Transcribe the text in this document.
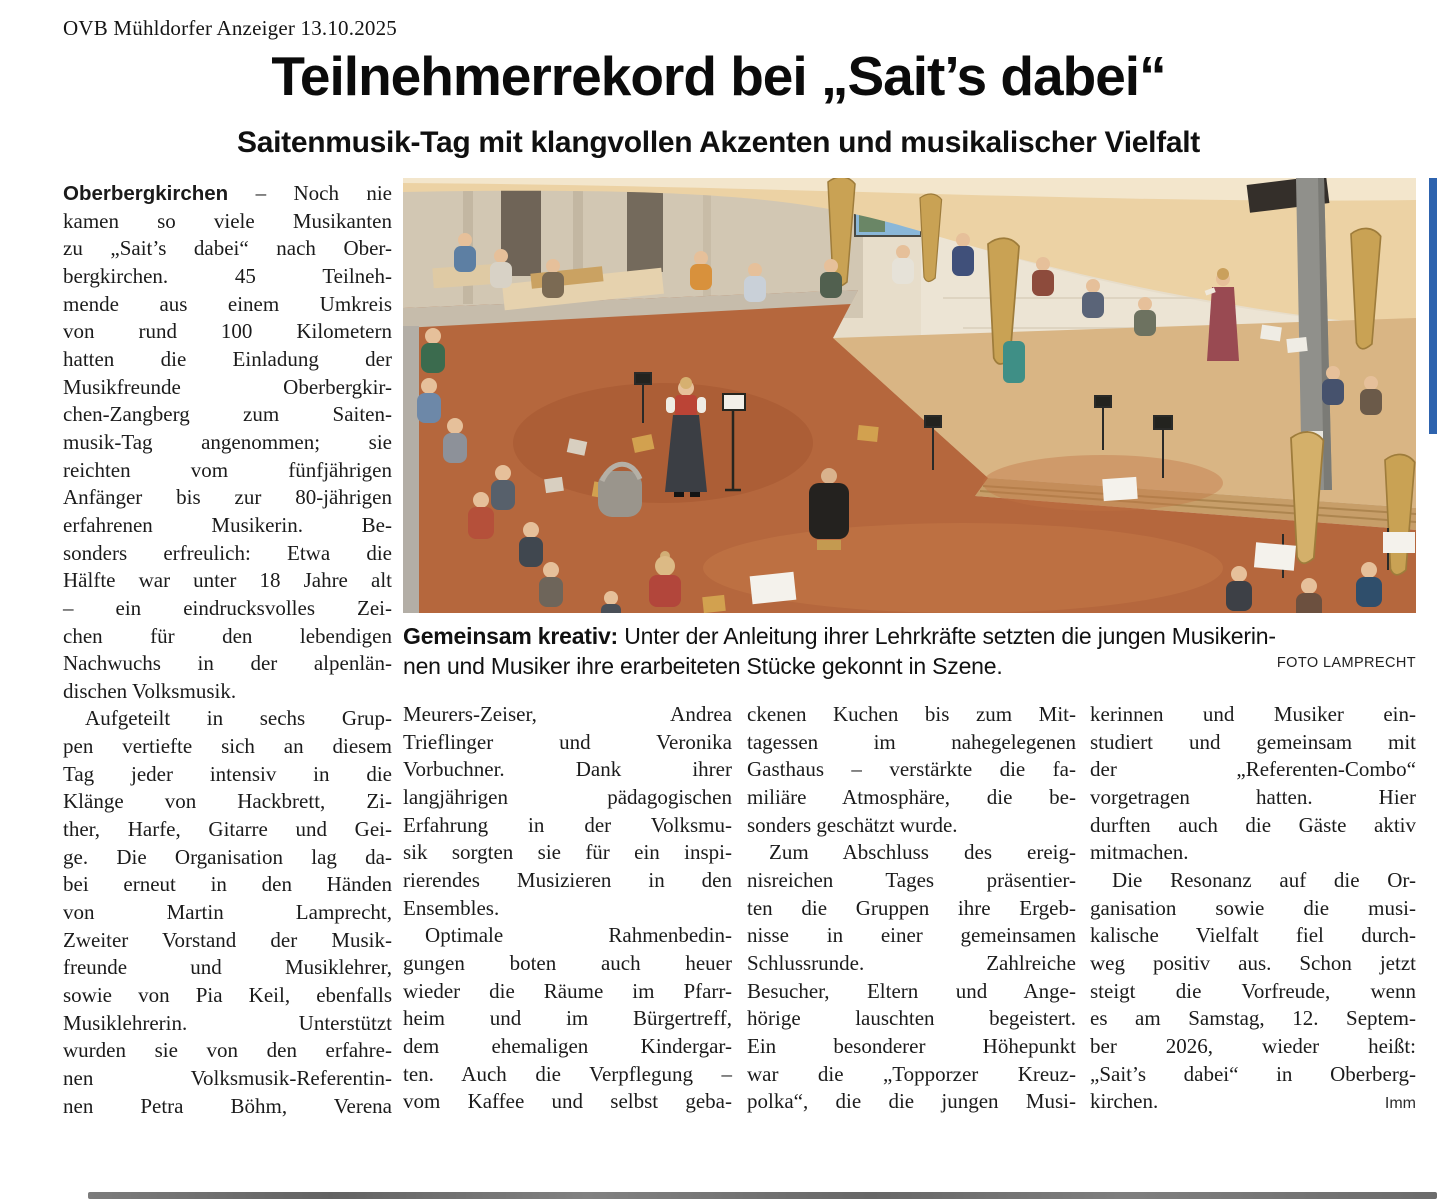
OVB Mühldorfer Anzeiger 13.10.2025
Teilnehmerrekord bei „Sait’s dabei“
Saitenmusik-Tag mit klangvollen Akzenten und musikalischer Vielfalt
Gemeinsam kreativ: Unter der Anleitung ihrer Lehrkräfte setzten die jungen Musikerin-
nen und Musiker ihre erarbeiteten Stücke gekonnt in Szene.	FOTO LAMPRECHT
Oberbergkirchen – Noch nie
kamen so viele Musikanten
zu „Sait’s dabei“ nach Ober-
bergkirchen. 45 Teilneh-
mende aus einem Umkreis
von rund 100 Kilometern
hatten die Einladung der
Musikfreunde Oberbergkir-
chen-Zangberg zum Saiten-
musik-Tag angenommen; sie
reichten vom fünfjährigen
Anfänger bis zur 80-jährigen
erfahrenen Musikerin. Be-
sonders erfreulich: Etwa die
Hälfte war unter 18 Jahre alt
– ein eindrucksvolles Zei-
chen für den lebendigen
Nachwuchs in der alpenlän-
dischen Volksmusik.
Aufgeteilt in sechs Grup-
pen vertiefte sich an diesem
Tag jeder intensiv in die
Klänge von Hackbrett, Zi-
ther, Harfe, Gitarre und Gei-
ge. Die Organisation lag da-
bei erneut in den Händen
von Martin Lamprecht,
Zweiter Vorstand der Musik-
freunde und Musiklehrer,
sowie von Pia Keil, ebenfalls
Musiklehrerin. Unterstützt
wurden sie von den erfahre-
nen Volksmusik-Referentin-
nen Petra Böhm, Verena
Meurers-Zeiser, Andrea
Trieflinger und Veronika
Vorbuchner. Dank ihrer
langjährigen pädagogischen
Erfahrung in der Volksmu-
sik sorgten sie für ein inspi-
rierendes Musizieren in den
Ensembles.
Optimale Rahmenbedin-
gungen boten auch heuer
wieder die Räume im Pfarr-
heim und im Bürgertreff,
dem ehemaligen Kindergar-
ten. Auch die Verpflegung –
vom Kaffee und selbst geba-
ckenen Kuchen bis zum Mit-
tagessen im nahegelegenen
Gasthaus – verstärkte die fa-
miliäre Atmosphäre, die be-
sonders geschätzt wurde.
Zum Abschluss des ereig-
nisreichen Tages präsentier-
ten die Gruppen ihre Ergeb-
nisse in einer gemeinsamen
Schlussrunde. Zahlreiche
Besucher, Eltern und Ange-
hörige lauschten begeistert.
Ein besonderer Höhepunkt
war die „Topporzer Kreuz-
polka“, die die jungen Musi-
kerinnen und Musiker ein-
studiert und gemeinsam mit
der „Referenten-Combo“
vorgetragen hatten. Hier
durften auch die Gäste aktiv
mitmachen.
Die Resonanz auf die Or-
ganisation sowie die musi-
kalische Vielfalt fiel durch-
weg positiv aus. Schon jetzt
steigt die Vorfreude, wenn
es am Samstag, 12. Septem-
ber 2026, wieder heißt:
„Sait’s dabei“ in Oberberg-
kirchen.	Imm
